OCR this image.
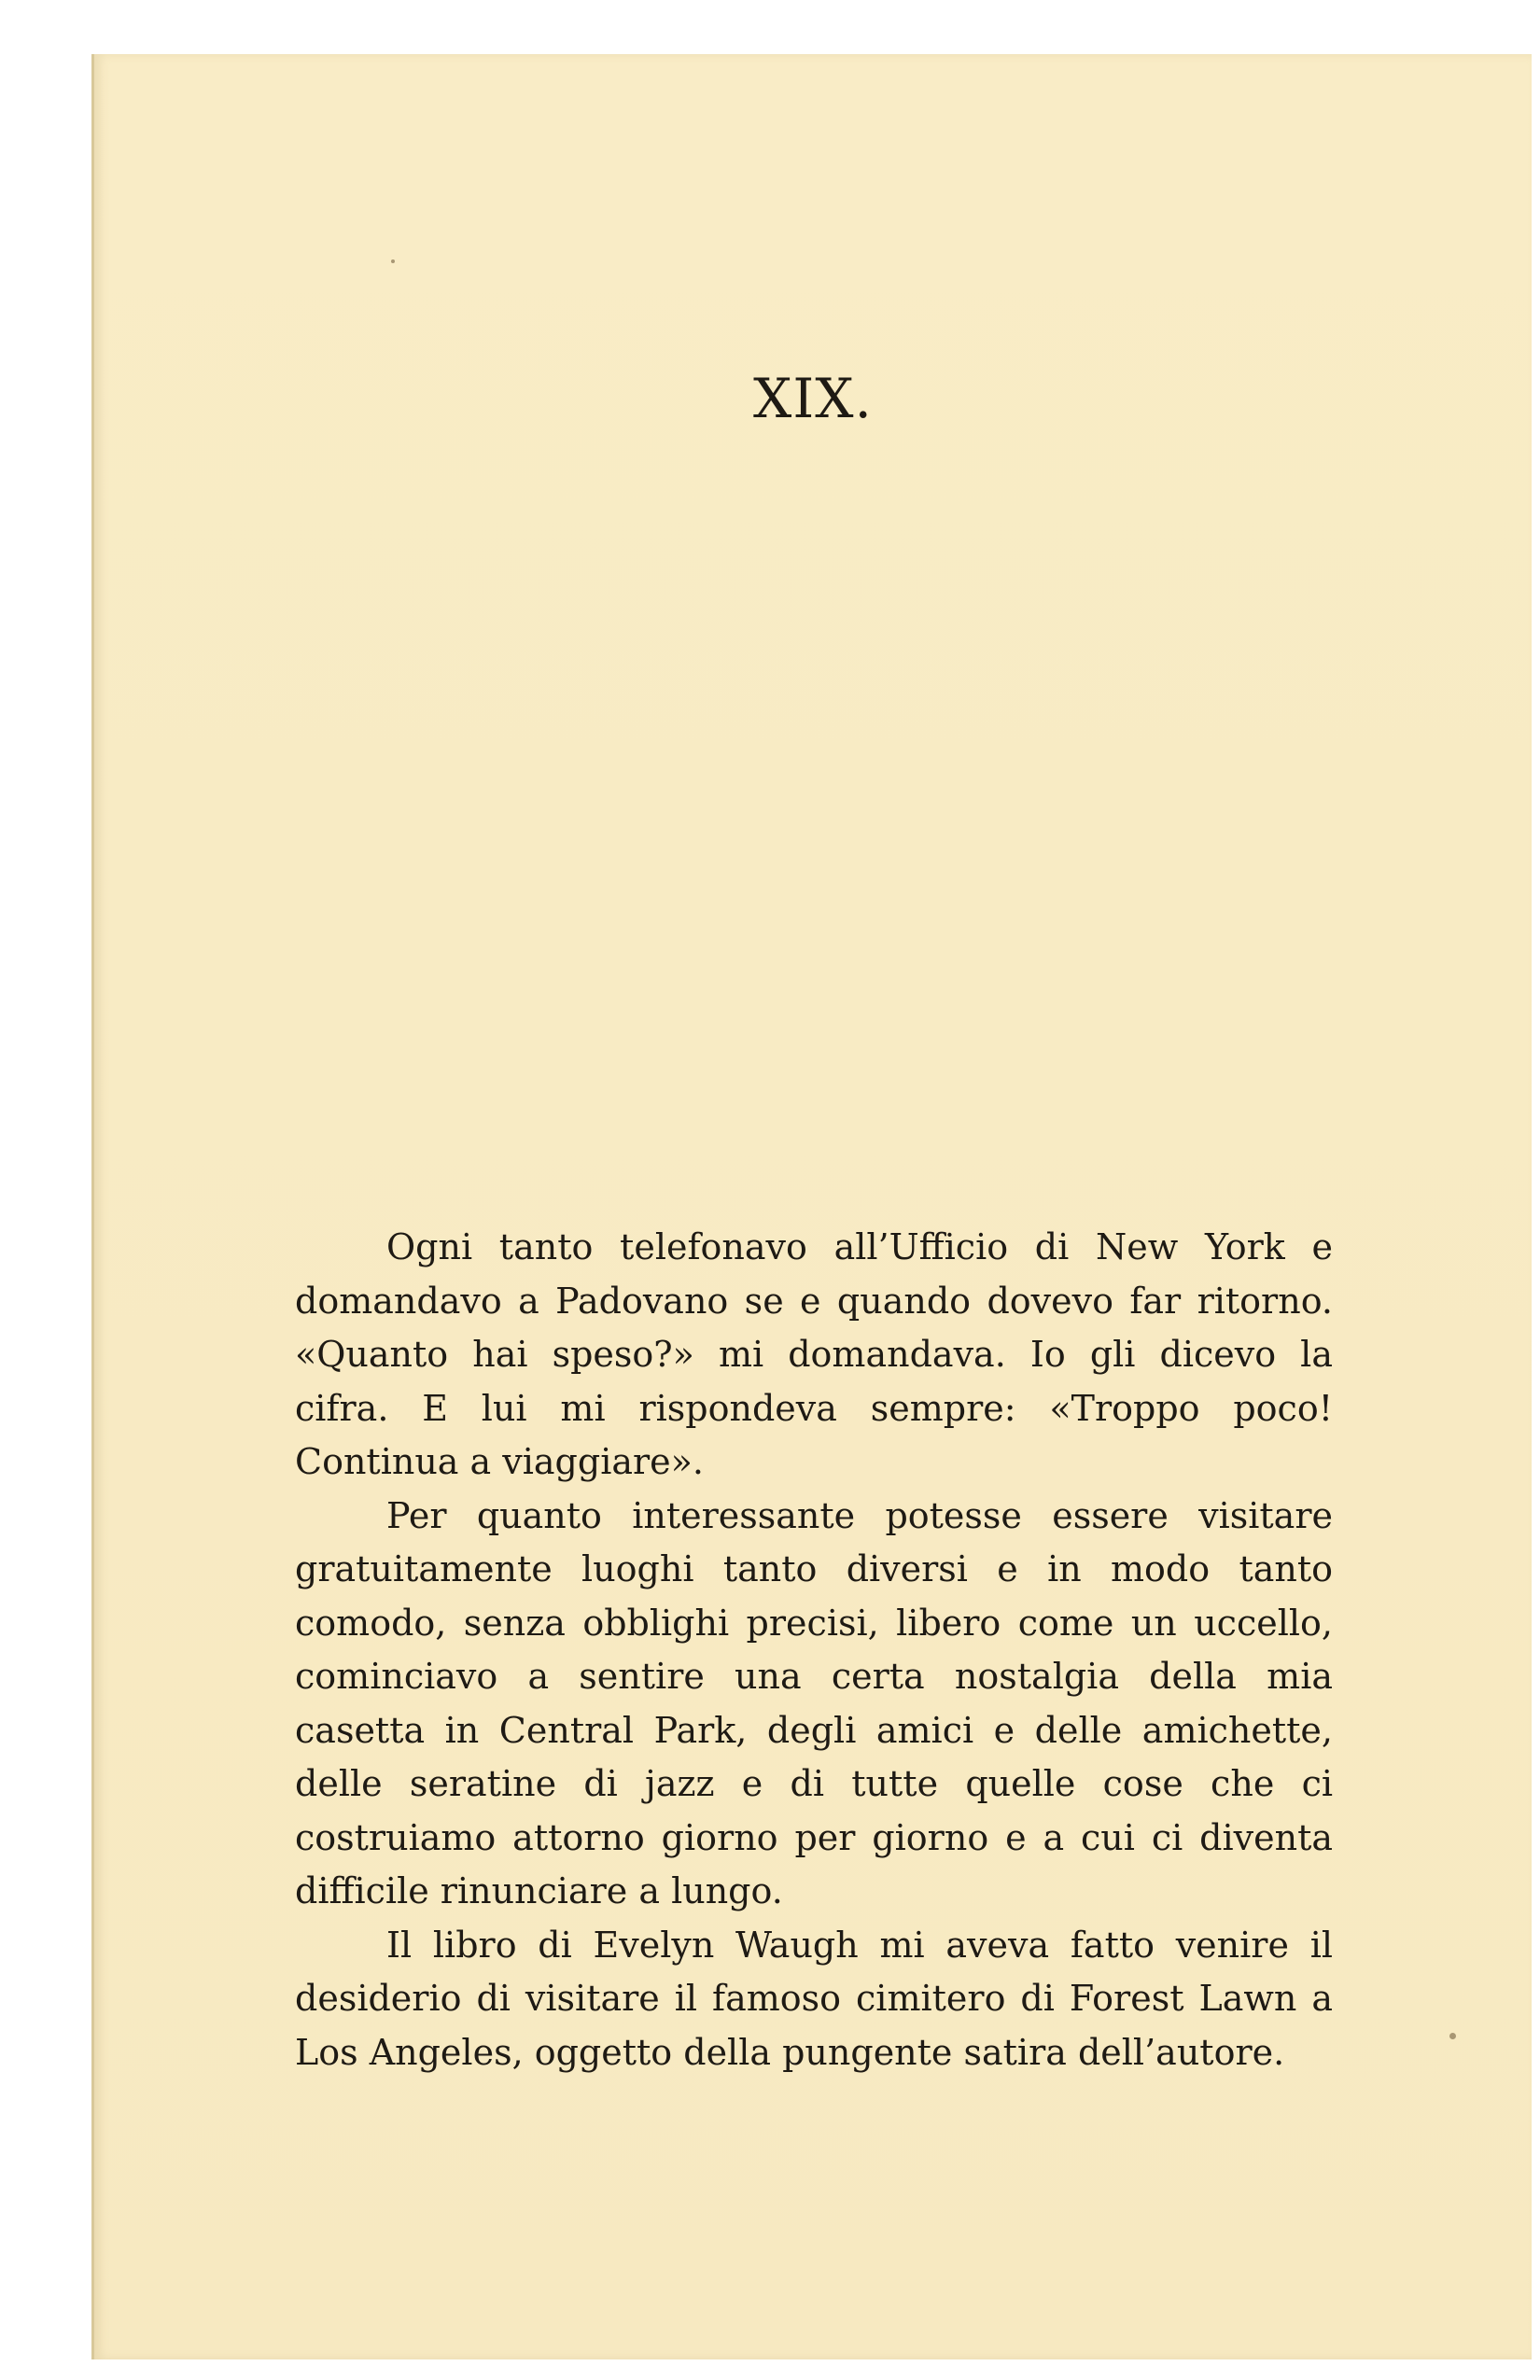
XIX.

Ogni tanto telefonavo all’Ufficio di New York e domandavo a Padovano se e quando dovevo far ritorno. «Quanto hai speso?» mi domandava. Io gli dicevo la cifra. E lui mi rispondeva sempre: «Troppo poco! Continua a viaggiare».

Per quanto interessante potesse essere visitare gratuitamente luoghi tanto diversi e in modo tanto comodo, senza obblighi precisi, libero come un uccello, cominciavo a sentire una certa nostalgia della mia casetta in Central Park, degli amici e delle amichette, delle seratine di jazz e di tutte quelle cose che ci costruiamo attorno giorno per giorno e a cui ci diventa difficile rinunciare a lungo.

Il libro di Evelyn Waugh mi aveva fatto venire il desiderio di visitare il famoso cimitero di Forest Lawn a Los Angeles, oggetto della pungente satira dell’autore.
